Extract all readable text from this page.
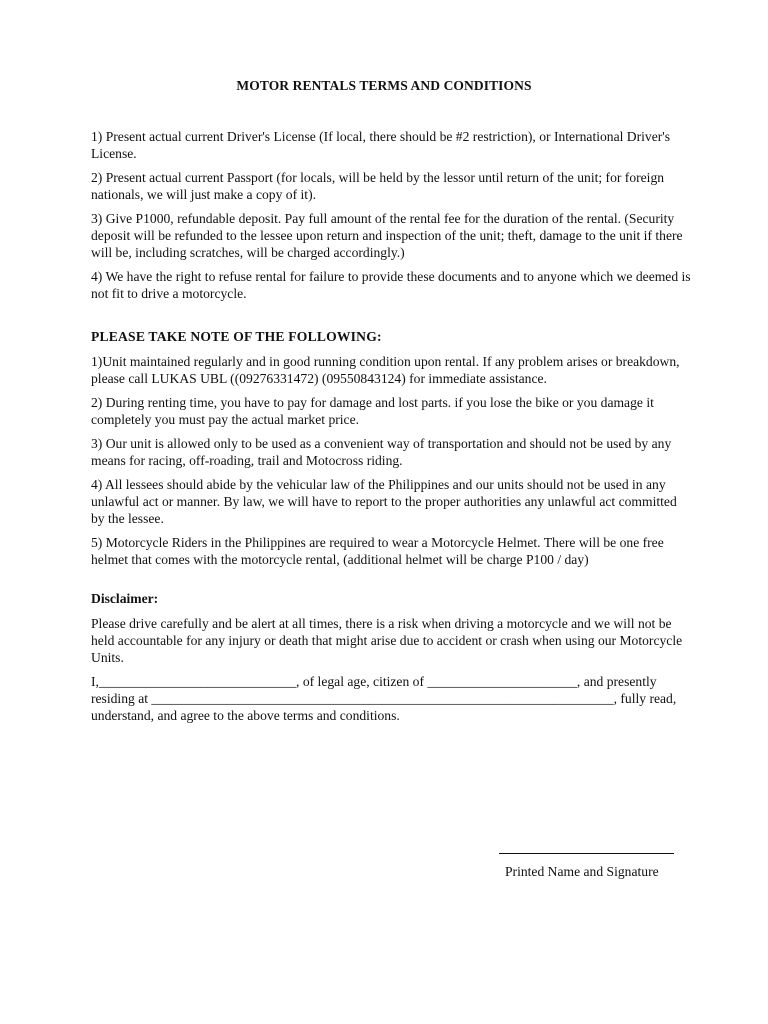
MOTOR RENTALS TERMS AND CONDITIONS

1) Present actual current Driver's License (If local, there should be #2 restriction), or International Driver's License.

2) Present actual current Passport (for locals, will be held by the lessor until return of the unit; for foreign nationals, we will just make a copy of it).

3) Give P1000, refundable deposit. Pay full amount of the rental fee for the duration of the rental. (Security deposit will be refunded to the lessee upon return and inspection of the unit; theft, damage to the unit if there will be, including scratches, will be charged accordingly.)

4) We have the right to refuse rental for failure to provide these documents and to anyone which we deemed is not fit to drive a motorcycle.

PLEASE TAKE NOTE OF THE FOLLOWING:

1)Unit maintained regularly and in good running condition upon rental. If any problem arises or breakdown, please call LUKAS UBL ((09276331472) (09550843124) for immediate assistance.

2) During renting time, you have to pay for damage and lost parts. if you lose the bike or you damage it completely you must pay the actual market price.

3) Our unit is allowed only to be used as a convenient way of transportation and should not be used by any means for racing, off-roading, trail and Motocross riding.

4) All lessees should abide by the vehicular law of the Philippines and our units should not be used in any unlawful act or manner. By law, we will have to report to the proper authorities any unlawful act committed by the lessee.

5) Motorcycle Riders in the Philippines are required to wear a Motorcycle Helmet. There will be one free helmet that comes with the motorcycle rental, (additional helmet will be charge P100 / day)

Disclaimer:

Please drive carefully and be alert at all times, there is a risk when driving a motorcycle and we will not be held accountable for any injury or death that might arise due to accident or crash when using our Motorcycle Units.

I,_____________________________, of legal age, citizen of ______________________, and presently residing at ____________________________________________________________________, fully read, understand, and agree to the above terms and conditions.

Printed Name and Signature
